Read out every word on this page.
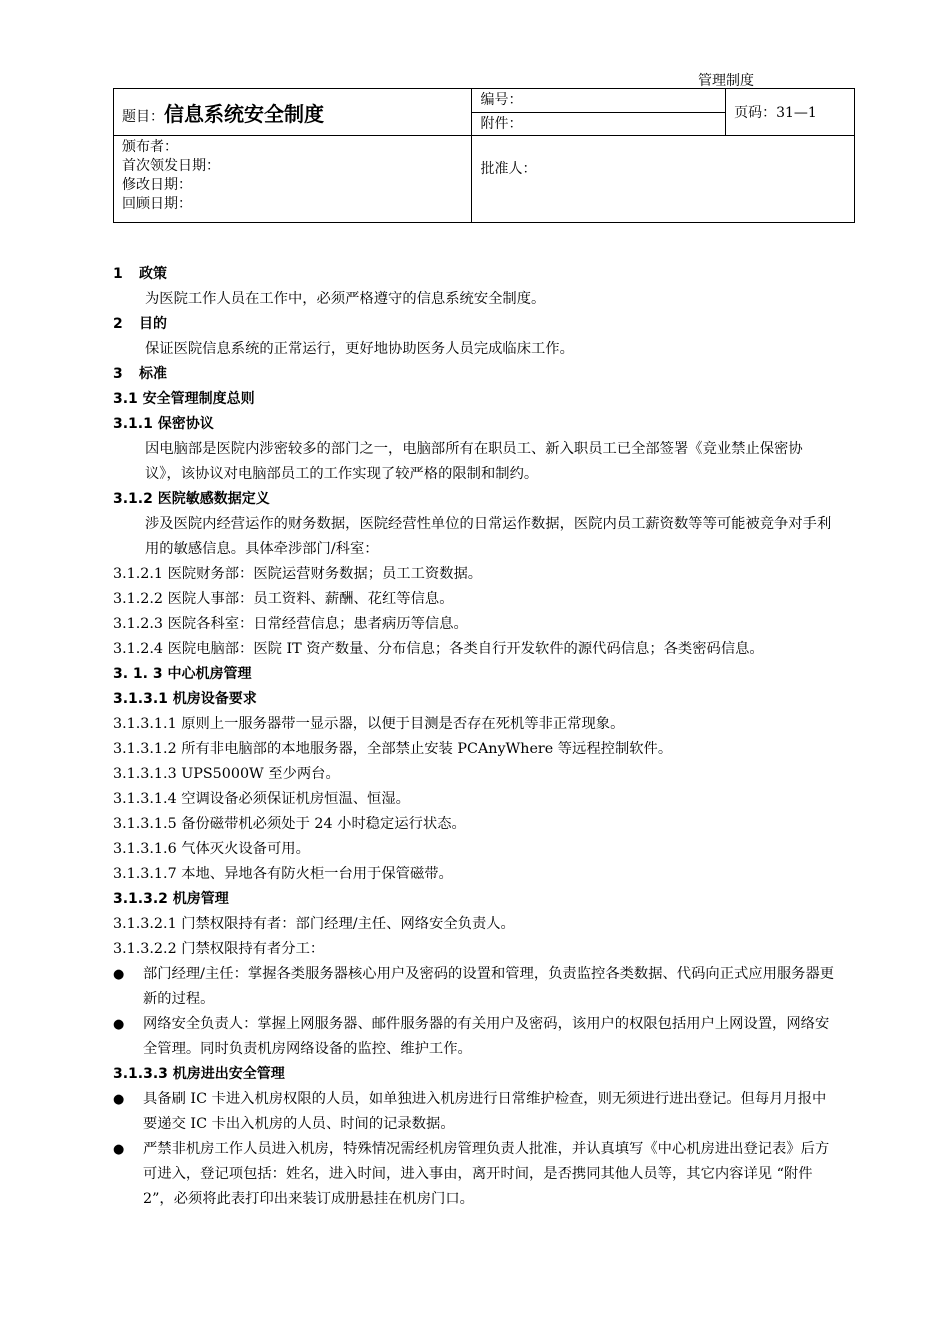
管理制度
题目：信息系统安全制度	编号：	页码：31—1
	附件：	

颁布者：
首次领发日期：
修改日期：
回顾日期：	批准人：	
1 政策
为医院工作人员在工作中，必须严格遵守的信息系统安全制度。
2 目的
保证医院信息系统的正常运行，更好地协助医务人员完成临床工作。
3 标准
3.1 安全管理制度总则
3.1.1 保密协议
因电脑部是医院内涉密较多的部门之一，电脑部所有在职员工、新入职员工已全部签署《竞业禁止保密协议》，该协议对电脑部员工的工作实现了较严格的限制和制约。
3.1.2 医院敏感数据定义
涉及医院内经营运作的财务数据，医院经营性单位的日常运作数据，医院内员工薪资数等等可能被竞争对手利用的敏感信息。具体牵涉部门/科室：
3.1.2.1 医院财务部：医院运营财务数据；员工工资数据。
3.1.2.2 医院人事部：员工资料、薪酬、花红等信息。
3.1.2.3 医院各科室：日常经营信息；患者病历等信息。
3.1.2.4 医院电脑部：医院 IT 资产数量、分布信息；各类自行开发软件的源代码信息；各类密码信息。
3. 1. 3 中心机房管理
3.1.3.1 机房设备要求
3.1.3.1.1 原则上一服务器带一显示器，以便于目测是否存在死机等非正常现象。
3.1.3.1.2 所有非电脑部的本地服务器，全部禁止安装 PCAnyWhere 等远程控制软件。
3.1.3.1.3 UPS5000W 至少两台。
3.1.3.1.4 空调设备必须保证机房恒温、恒湿。
3.1.3.1.5 备份磁带机必须处于 24 小时稳定运行状态。
3.1.3.1.6 气体灭火设备可用。
3.1.3.1.7 本地、异地各有防火柜一台用于保管磁带。
3.1.3.2 机房管理
3.1.3.2.1 门禁权限持有者：部门经理/主任、网络安全负责人。
3.1.3.2.2 门禁权限持有者分工：
●	部门经理/主任：掌握各类服务器核心用户及密码的设置和管理，负责监控各类数据、代码向正式应用服务器更新的过程。
●	网络安全负责人：掌握上网服务器、邮件服务器的有关用户及密码，该用户的权限包括用户上网设置，网络安全管理。同时负责机房网络设备的监控、维护工作。
3.1.3.3 机房进出安全管理
●	具备刷 IC 卡进入机房权限的人员，如单独进入机房进行日常维护检查，则无须进行进出登记。但每月月报中要递交 IC 卡出入机房的人员、时间的记录数据。
●	严禁非机房工作人员进入机房，特殊情况需经机房管理负责人批准，并认真填写《中心机房进出登记表》后方可进入，登记项包括：姓名，进入时间，进入事由，离开时间，是否携同其他人员等，其它内容详见 “附件 2”，必须将此表打印出来装订成册悬挂在机房门口。
